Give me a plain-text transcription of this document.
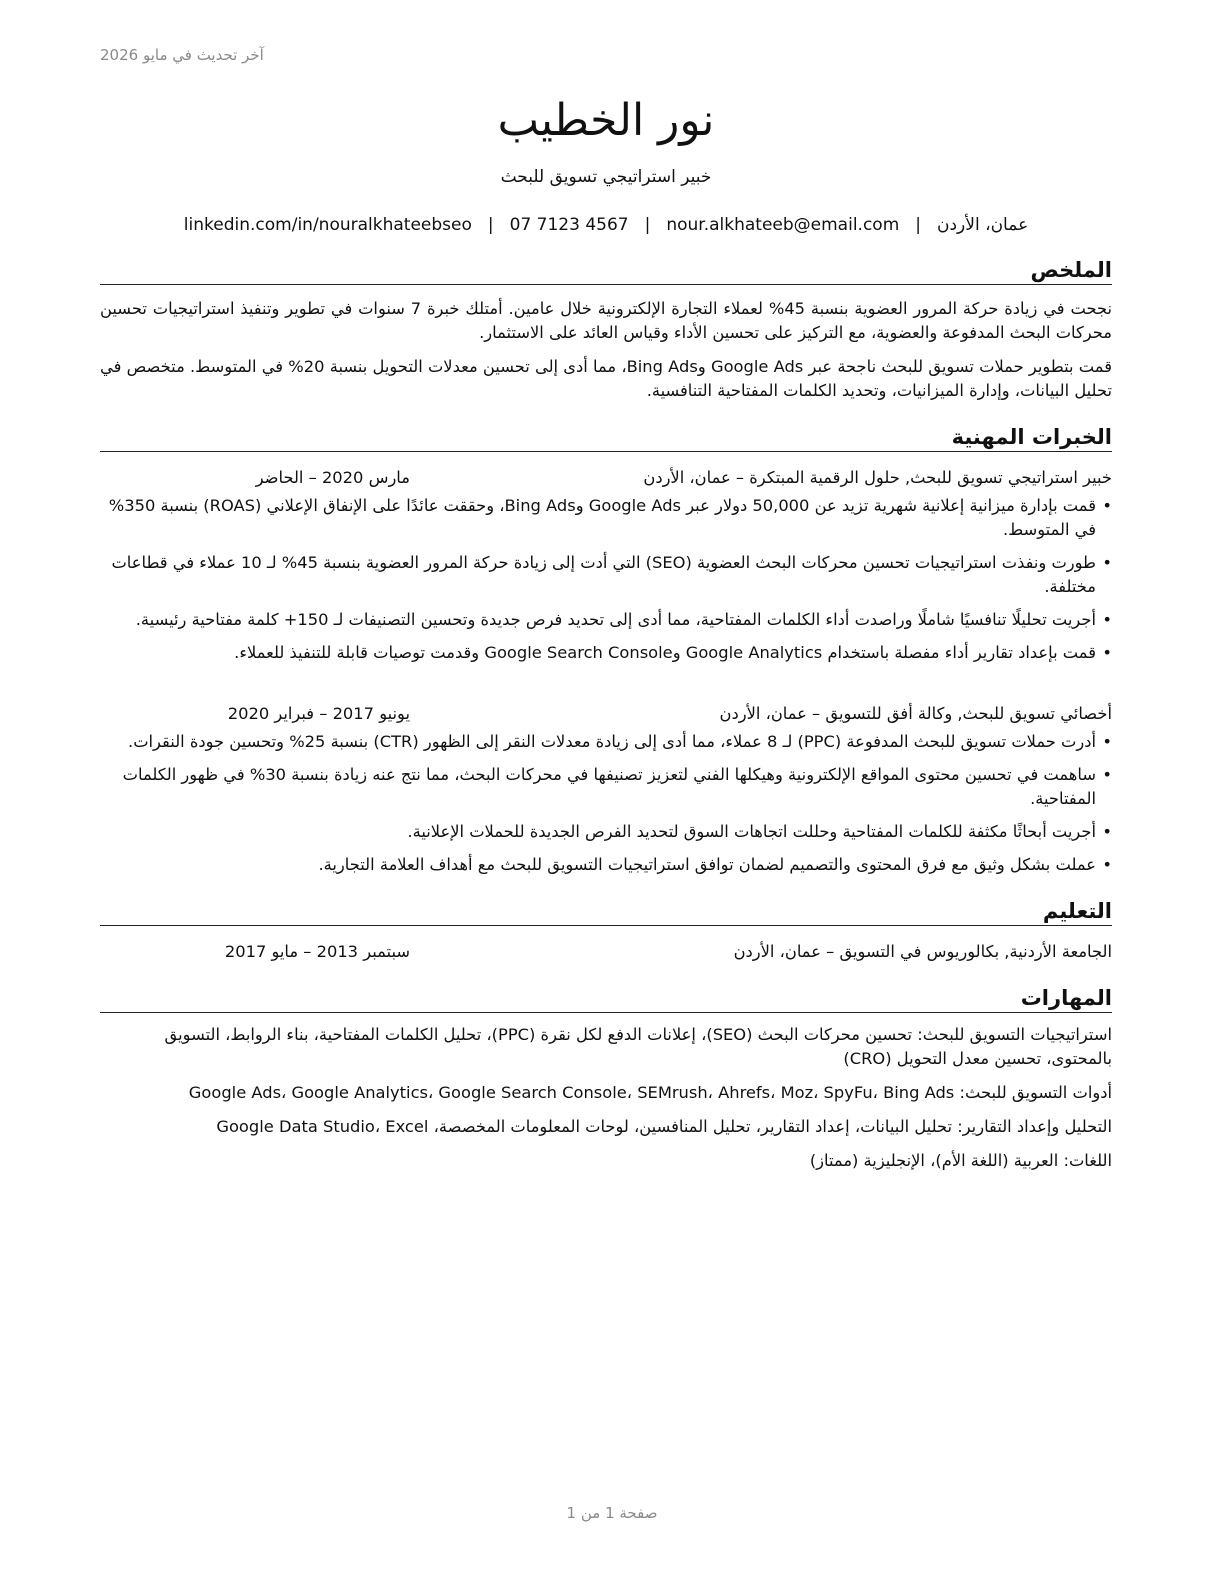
آخر تحديث في مايو 2026
نور الخطيب
خبير استراتيجي تسويق للبحث
عمان، الأردن
|
nour.alkhateeb@email.com
|
07 7123 4567
|
linkedin.com/in/nouralkhateebseo
الملخص

نجحت في زيادة حركة المرور العضوية بنسبة 45% لعملاء التجارة الإلكترونية خلال عامين. أمتلك خبرة 7 سنوات في تطوير وتنفيذ استراتيجيات تحسين محركات البحث المدفوعة والعضوية، مع التركيز على تحسين الأداء وقياس العائد على الاستثمار.

قمت بتطوير حملات تسويق للبحث ناجحة عبر Google Ads وBing Ads، مما أدى إلى تحسين معدلات التحويل بنسبة 20% في المتوسط. متخصص في تحليل البيانات، وإدارة الميزانيات، وتحديد الكلمات المفتاحية التنافسية.

الخبرات المهنية
خبير استراتيجي تسويق للبحث, حلول الرقمية المبتكرة – عمان، الأردن
مارس 2020 – الحاضر
• قمت بإدارة ميزانية إعلانية شهرية تزيد عن 50,000 دولار عبر Google Ads وBing Ads، وحققت عائدًا على الإنفاق الإعلاني (ROAS) بنسبة 350% في المتوسط.
• طورت ونفذت استراتيجيات تحسين محركات البحث العضوية (SEO) التي أدت إلى زيادة حركة المرور العضوية بنسبة 45% لـ 10 عملاء في قطاعات مختلفة.
• أجريت تحليلًا تنافسيًا شاملًا وراصدت أداء الكلمات المفتاحية، مما أدى إلى تحديد فرص جديدة وتحسين التصنيفات لـ 150+ كلمة مفتاحية رئيسية.
• قمت بإعداد تقارير أداء مفصلة باستخدام Google Analytics وGoogle Search Console وقدمت توصيات قابلة للتنفيذ للعملاء.
أخصائي تسويق للبحث, وكالة أفق للتسويق – عمان، الأردن
يونيو 2017 – فبراير 2020
• أدرت حملات تسويق للبحث المدفوعة (PPC) لـ 8 عملاء، مما أدى إلى زيادة معدلات النقر إلى الظهور (CTR) بنسبة 25% وتحسين جودة النقرات.
• ساهمت في تحسين محتوى المواقع الإلكترونية وهيكلها الفني لتعزيز تصنيفها في محركات البحث، مما نتج عنه زيادة بنسبة 30% في ظهور الكلمات المفتاحية.
• أجريت أبحاثًا مكثفة للكلمات المفتاحية وحللت اتجاهات السوق لتحديد الفرص الجديدة للحملات الإعلانية.
• عملت بشكل وثيق مع فرق المحتوى والتصميم لضمان توافق استراتيجيات التسويق للبحث مع أهداف العلامة التجارية.
التعليم
الجامعة الأردنية, بكالوريوس في التسويق – عمان، الأردن
سبتمبر 2013 – مايو 2017
المهارات

استراتيجيات التسويق للبحث: تحسين محركات البحث (SEO)، إعلانات الدفع لكل نقرة (PPC)، تحليل الكلمات المفتاحية، بناء الروابط، التسويق بالمحتوى، تحسين معدل التحويل (CRO)

أدوات التسويق للبحث: Google Ads، Google Analytics، Google Search Console، SEMrush، Ahrefs، Moz، SpyFu، Bing Ads

التحليل وإعداد التقارير: تحليل البيانات، إعداد التقارير، تحليل المنافسين، لوحات المعلومات المخصصة، Google Data Studio، Excel

اللغات: العربية (اللغة الأم)، الإنجليزية (ممتاز)

صفحة 1 من 1
